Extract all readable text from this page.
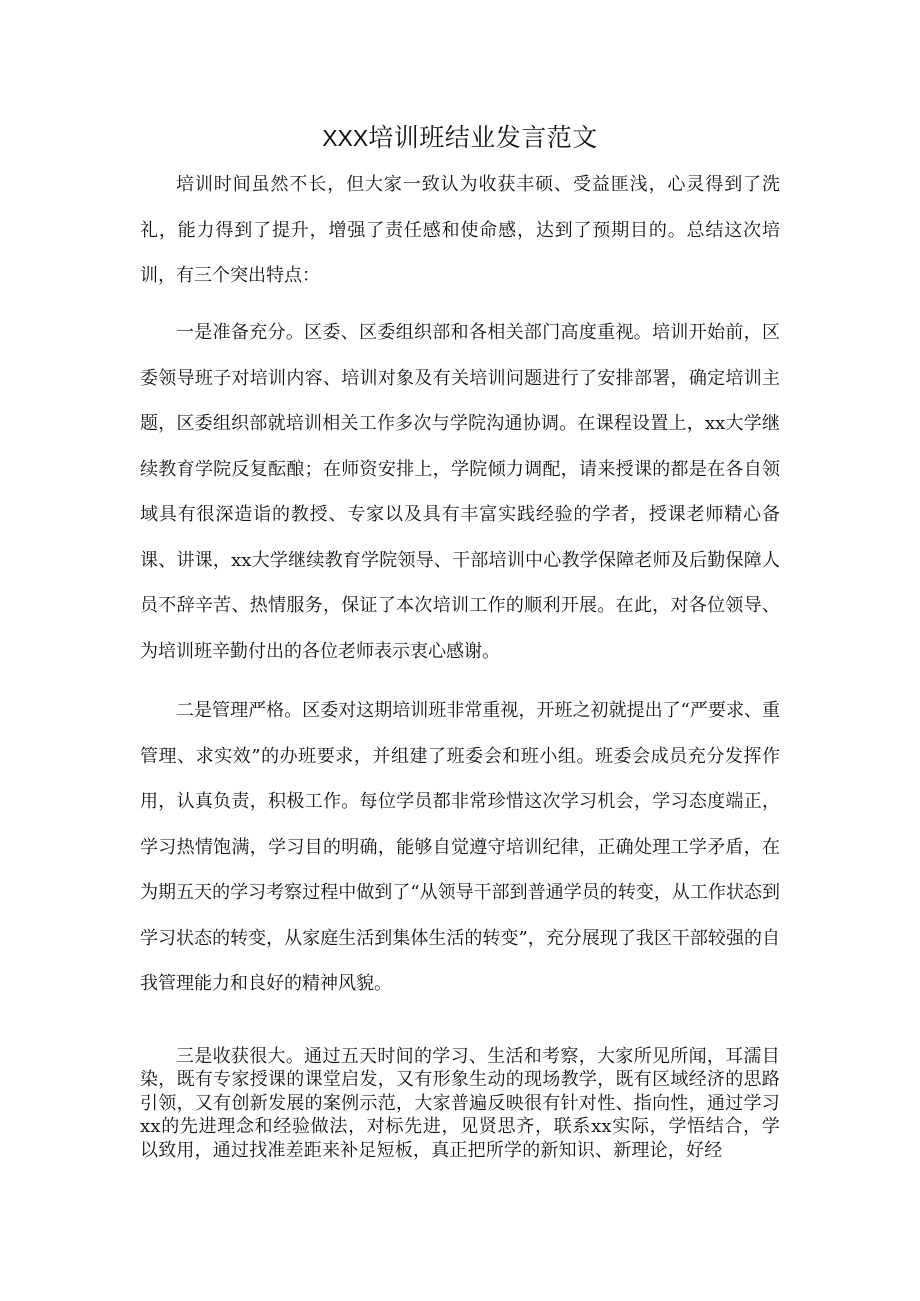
XXX培训班结业发言范文

培训时间虽然不长，但大家一致认为收获丰硕、受益匪浅，心灵得到了洗礼，能力得到了提升，增强了责任感和使命感，达到了预期目的。总结这次培训，有三个突出特点：

一是准备充分。区委、区委组织部和各相关部门高度重视。培训开始前，区委领导班子对培训内容、培训对象及有关培训问题进行了安排部署，确定培训主题，区委组织部就培训相关工作多次与学院沟通协调。在课程设置上，xx大学继续教育学院反复酝酿；在师资安排上，学院倾力调配，请来授课的都是在各自领域具有很深造诣的教授、专家以及具有丰富实践经验的学者，授课老师精心备课、讲课，xx大学继续教育学院领导、干部培训中心教学保障老师及后勤保障人员不辞辛苦、热情服务，保证了本次培训工作的顺利开展。在此，对各位领导、为培训班辛勤付出的各位老师表示衷心感谢。

二是管理严格。区委对这期培训班非常重视，开班之初就提出了“严要求、重管理、求实效”的办班要求，并组建了班委会和班小组。班委会成员充分发挥作用，认真负责，积极工作。每位学员都非常珍惜这次学习机会，学习态度端正，学习热情饱满，学习目的明确，能够自觉遵守培训纪律，正确处理工学矛盾，在为期五天的学习考察过程中做到了“从领导干部到普通学员的转变，从工作状态到学习状态的转变，从家庭生活到集体生活的转变”，充分展现了我区干部较强的自我管理能力和良好的精神风貌。

三是收获很大。通过五天时间的学习、生活和考察，大家所见所闻，耳濡目染，既有专家授课的课堂启发，又有形象生动的现场教学，既有区域经济的思路引领，又有创新发展的案例示范，大家普遍反映很有针对性、指向性，通过学习xx的先进理念和经验做法，对标先进，见贤思齐，联系xx实际，学悟结合，学以致用，通过找准差距来补足短板，真正把所学的新知识、新理论，好经
